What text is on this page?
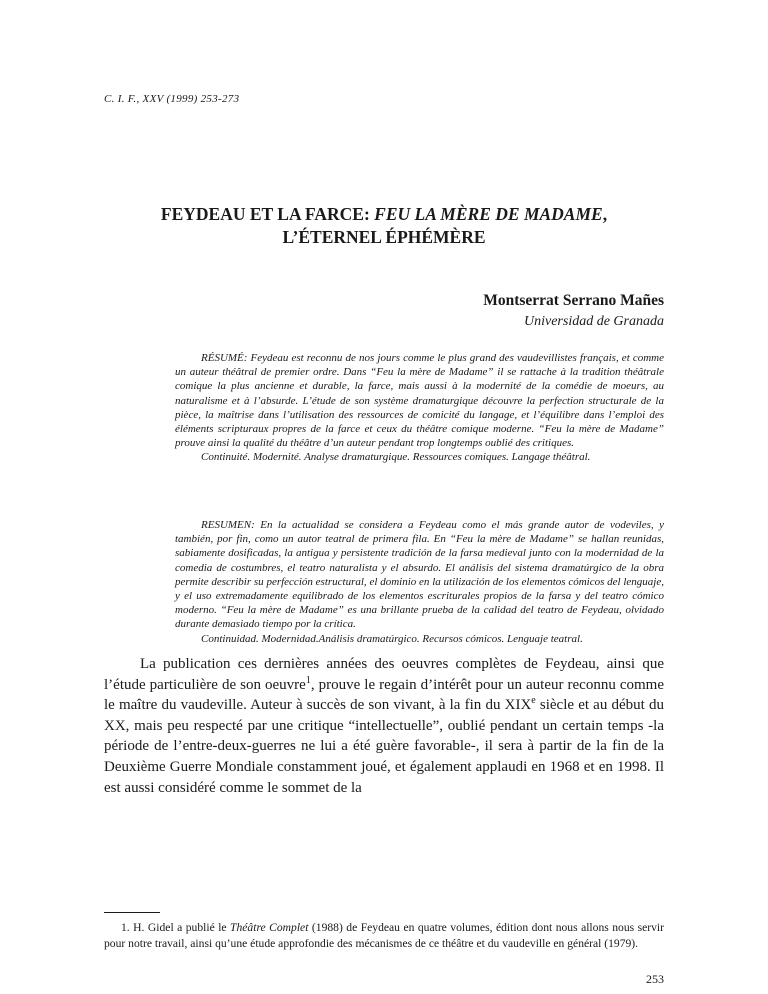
C. I. F., XXV (1999) 253-273
FEYDEAU ET LA FARCE: FEU LA MÈRE DE MADAME,
L’ÉTERNEL ÉPHÉMÈRE
Montserrat Serrano Mañes
Universidad de Granada

RÉSUMÉ: Feydeau est reconnu de nos jours comme le plus grand des vaudevillistes français, et comme un auteur théâtral de premier ordre. Dans “Feu la mère de Madame” il se rattache à la tradition théâtrale comique la plus ancienne et durable, la farce, mais aussi à la modernité de la comédie de moeurs, au naturalisme et à l’absurde. L’étude de son système dramaturgique découvre la perfection structurale de la pièce, la maîtrise dans l’utilisation des ressources de comicité du langage, et l’équilibre dans l’emploi des éléments scripturaux propres de la farce et ceux du théâtre comique moderne. “Feu la mère de Madame” prouve ainsi la qualité du théâtre d’un auteur pendant trop longtemps oublié des critiques.

Continuité. Modernité. Analyse dramaturgique. Ressources comiques. Langage théâtral.

RESUMEN: En la actualidad se considera a Feydeau como el más grande autor de vodeviles, y también, por fin, como un autor teatral de primera fila. En “Feu la mère de Madame” se hallan reunidas, sabiamente dosificadas, la antigua y persistente tradición de la farsa medieval junto con la modernidad de la comedia de costumbres, el teatro naturalista y el absurdo. El análisis del sistema dramatúrgico de la obra permite describir su perfección estructural, el dominio en la utilización de los elementos cómicos del lenguaje, y el uso extremadamente equilibrado de los elementos escriturales propios de la farsa y del teatro cómico moderno. “Feu la mère de Madame” es una brillante prueba de la calidad del teatro de Feydeau, olvidado durante demasiado tiempo por la crítica.

Continuidad. Modernidad.Análisis dramatúrgico. Recursos cómicos. Lenguaje teatral.

La publication ces dernières années des oeuvres complètes de Feydeau, ainsi que l’étude particulière de son oeuvre$^1$, prouve le regain d’intérêt pour un auteur reconnu comme le maître du vaudeville. Auteur à succès de son vivant, à la fin du XIXe siècle et au début du XX, mais peu respecté par une critique “intellectuelle”, oublié pendant un certain temps -la période de l’entre-deux-guerres ne lui a été guère favorable-, il sera à partir de la fin de la Deuxième Guerre Mondiale constamment joué, et également applaudi en 1968 et en 1998. Il est aussi considéré comme le sommet de la

1. H. Gidel a publié le Théâtre Complet (1988) de Feydeau en quatre volumes, édition dont nous allons nous servir pour notre travail, ainsi qu’une étude approfondie des mécanismes de ce théâtre et du vaudeville en général (1979).

253
